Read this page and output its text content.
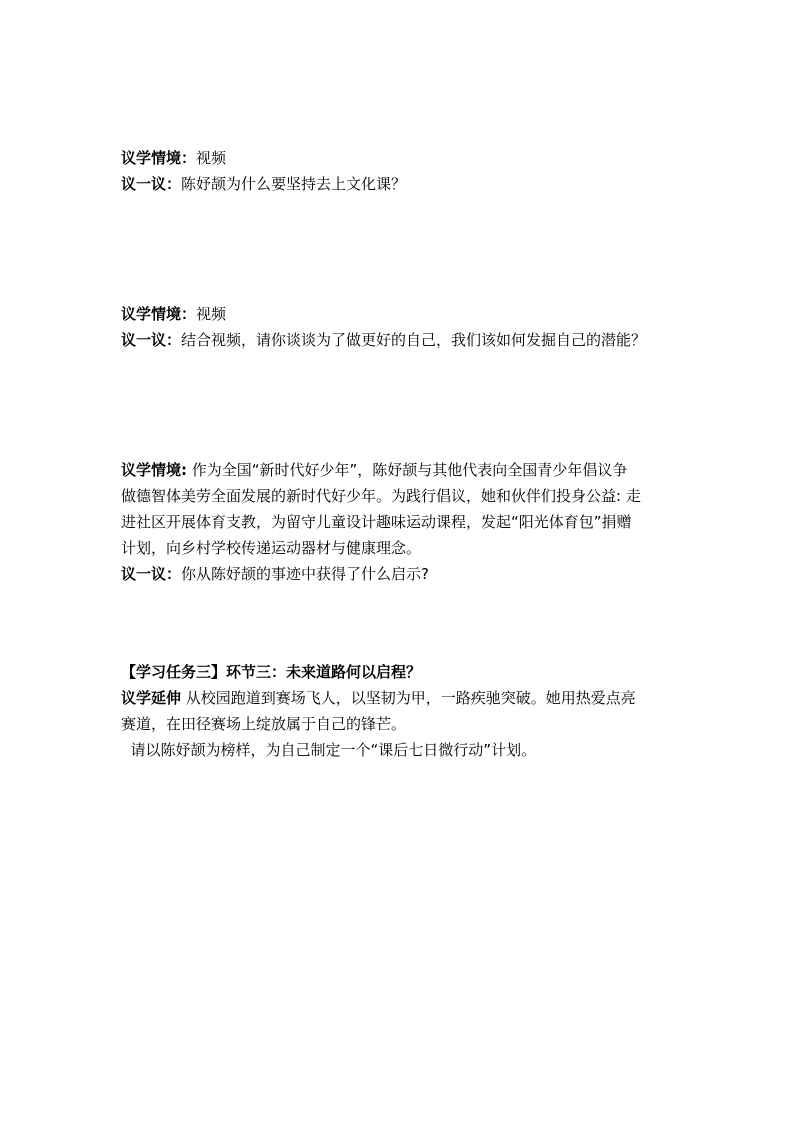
议学情境：视频
议一议：陈妤颉为什么要坚持去上文化课？
议学情境：视频
议一议：结合视频，请你谈谈为了做更好的自己，我们该如何发掘自己的潜能？
议学情境: 作为全国“新时代好少年”，陈妤颉与其他代表向全国青少年倡议争
做德智体美劳全面发展的新时代好少年。为践行倡议，她和伙伴们投身公益: 走
进社区开展体育支教，为留守儿童设计趣味运动课程，发起“阳光体育包”捐赠
计划，向乡村学校传递运动器材与健康理念。
议一议：你从陈妤颉的事迹中获得了什么启示?
【学习任务三】环节三：未来道路何以启程？
议学延伸 从校园跑道到赛场飞人，以坚韧为甲，一路疾驰突破。她用热爱点亮
赛道，在田径赛场上绽放属于自己的锋芒。
请以陈妤颉为榜样，为自己制定一个“课后七日微行动”计划。
